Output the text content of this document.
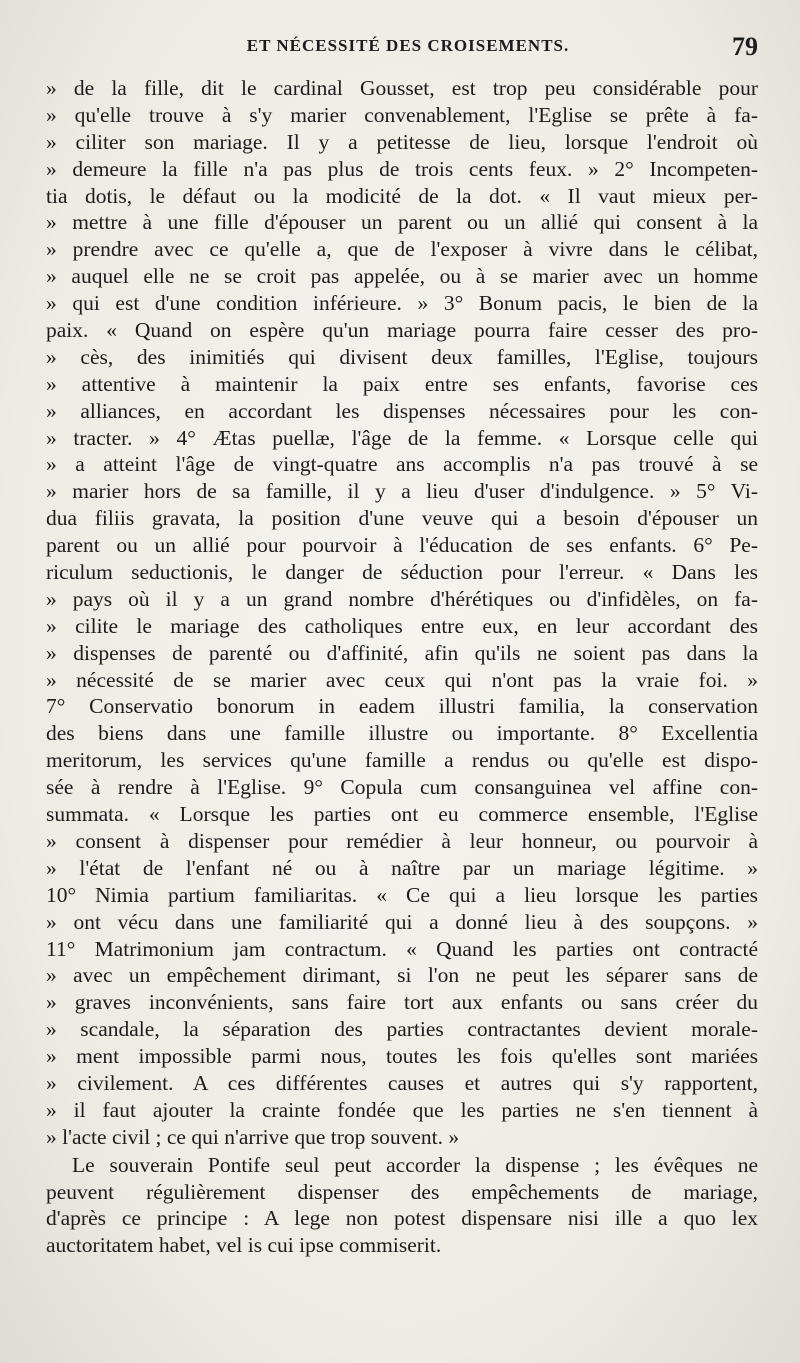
ET NÉCESSITÉ DES CROISEMENTS.	79
» de la fille, dit le cardinal Gousset, est trop peu considérable pour
» qu'elle trouve à s'y marier convenablement, l'Eglise se prête à fa-
» ciliter son mariage. Il y a petitesse de lieu, lorsque l'endroit où
» demeure la fille n'a pas plus de trois cents feux. » 2° Incompeten-
tia dotis, le défaut ou la modicité de la dot. « Il vaut mieux per-
» mettre à une fille d'épouser un parent ou un allié qui consent à la
» prendre avec ce qu'elle a, que de l'exposer à vivre dans le célibat,
» auquel elle ne se croit pas appelée, ou à se marier avec un homme
» qui est d'une condition inférieure. » 3° Bonum pacis, le bien de la
paix. « Quand on espère qu'un mariage pourra faire cesser des pro-
» cès, des inimitiés qui divisent deux familles, l'Eglise, toujours
» attentive à maintenir la paix entre ses enfants, favorise ces
» alliances, en accordant les dispenses nécessaires pour les con-
» tracter. » 4° Ætas puellæ, l'âge de la femme. « Lorsque celle qui
» a atteint l'âge de vingt-quatre ans accomplis n'a pas trouvé à se
» marier hors de sa famille, il y a lieu d'user d'indulgence. » 5° Vi-
dua filiis gravata, la position d'une veuve qui a besoin d'épouser un
parent ou un allié pour pourvoir à l'éducation de ses enfants. 6° Pe-
riculum seductionis, le danger de séduction pour l'erreur. « Dans les
» pays où il y a un grand nombre d'hérétiques ou d'infidèles, on fa-
» cilite le mariage des catholiques entre eux, en leur accordant des
» dispenses de parenté ou d'affinité, afin qu'ils ne soient pas dans la
» nécessité de se marier avec ceux qui n'ont pas la vraie foi. »
7° Conservatio bonorum in eadem illustri familia, la conservation
des biens dans une famille illustre ou importante. 8° Excellentia
meritorum, les services qu'une famille a rendus ou qu'elle est dispo-
sée à rendre à l'Eglise. 9° Copula cum consanguinea vel affine con-
summata. « Lorsque les parties ont eu commerce ensemble, l'Eglise
» consent à dispenser pour remédier à leur honneur, ou pourvoir à
» l'état de l'enfant né ou à naître par un mariage légitime. »
10° Nimia partium familiaritas. « Ce qui a lieu lorsque les parties
» ont vécu dans une familiarité qui a donné lieu à des soupçons. »
11° Matrimonium jam contractum. « Quand les parties ont contracté
» avec un empêchement dirimant, si l'on ne peut les séparer sans de
» graves inconvénients, sans faire tort aux enfants ou sans créer du
» scandale, la séparation des parties contractantes devient morale-
» ment impossible parmi nous, toutes les fois qu'elles sont mariées
» civilement. A ces différentes causes et autres qui s'y rapportent,
» il faut ajouter la crainte fondée que les parties ne s'en tiennent à
» l'acte civil ; ce qui n'arrive que trop souvent. »
Le souverain Pontife seul peut accorder la dispense ; les évêques ne
peuvent régulièrement dispenser des empêchements de mariage,
d'après ce principe : A lege non potest dispensare nisi ille a quo lex
auctoritatem habet, vel is cui ipse commiserit.
